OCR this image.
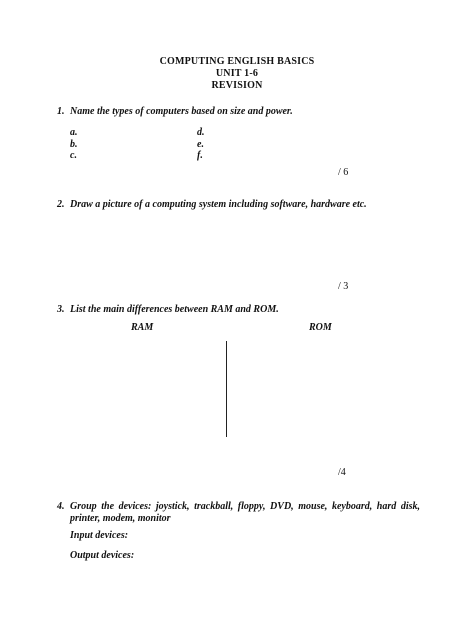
COMPUTING ENGLISH BASICS
UNIT 1-6
REVISION
1. Name the types of computers based on size and power.
a.
b.
c.
d.
e.
f.
/ 6
2. Draw a picture of a computing system including software, hardware etc.
/ 3
3. List the main differences between RAM and ROM.
RAM	ROM
/4
4. Group the devices: joystick, trackball, floppy, DVD, mouse, keyboard, hard disk, printer, modem, monitor
Input devices:
Output devices:
